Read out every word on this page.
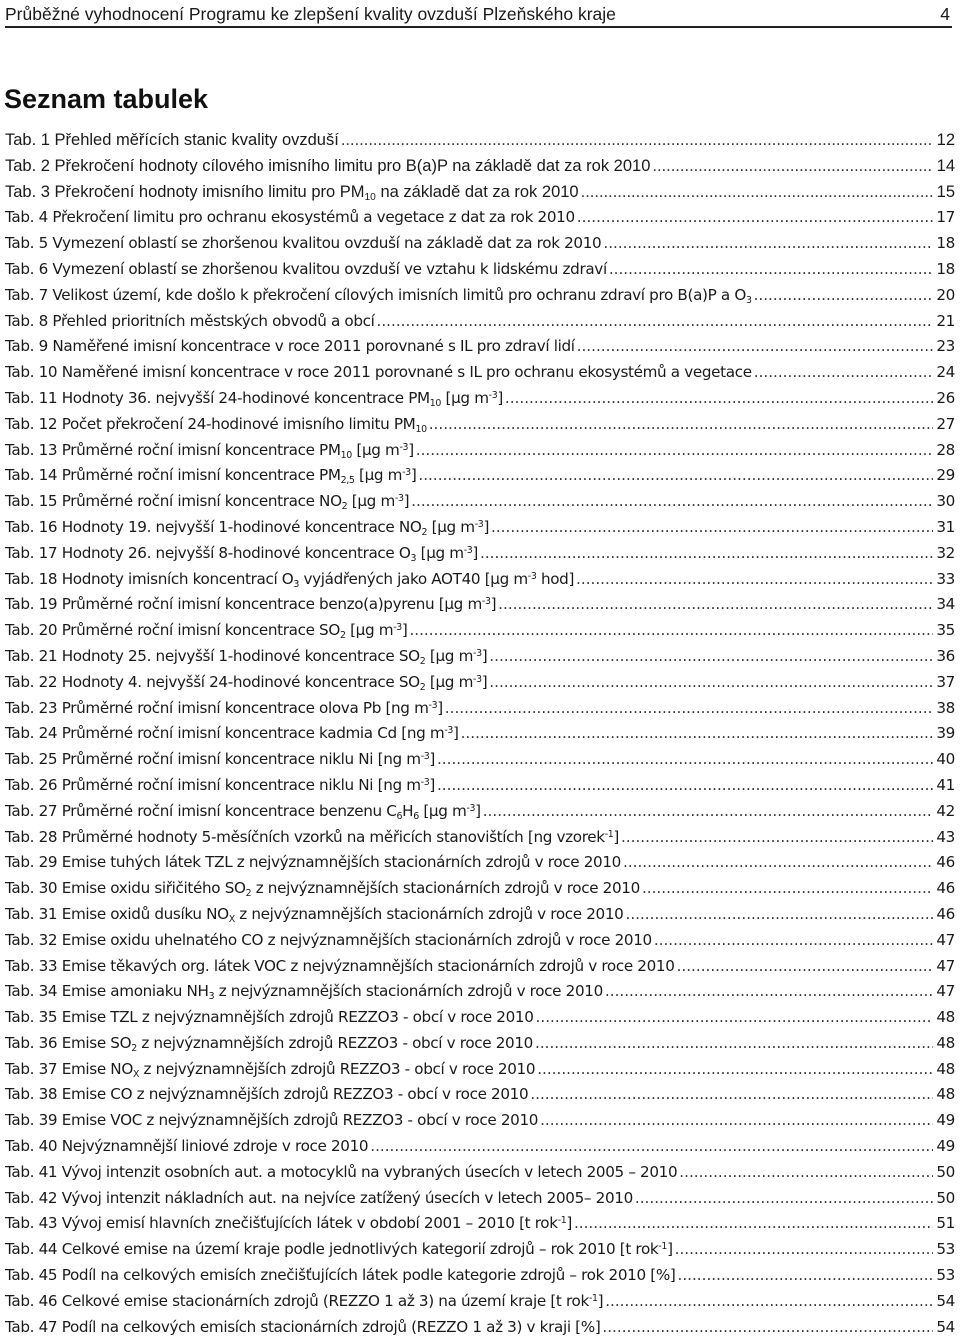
Průběžné vyhodnocení Programu ke zlepšení kvality ovzduší Plzeňského kraje	4
Seznam tabulek
Tab. 1 Přehled měřících stanic kvality ovzduší .....	12
Tab. 2 Překročení hodnoty cílového imisního limitu pro B(a)P na základě dat za rok 2010 .....	14
Tab. 3 Překročení hodnoty imisního limitu pro $PM_{10}$ na základě dat za rok 2010 .....	15
Tab. 4 Překročení limitu pro ochranu ekosystémů a vegetace z dat za rok 2010 .....	17
Tab. 5 Vymezení oblastí se zhoršenou kvalitou ovzduší na základě dat za rok 2010 .....	18
Tab. 6 Vymezení oblastí se zhoršenou kvalitou ovzduší ve vztahu k lidskému zdraví .....	18
Tab. 7 Velikost území, kde došlo k překročení cílových imisních limitů pro ochranu zdraví pro B(a)P a $O_3$ .....	20
Tab. 8 Přehled prioritních městských obvodů a obcí .....	21
Tab. 9 Naměřené imisní koncentrace v roce 2011 porovnané s IL pro zdraví lidí .....	23
Tab. 10 Naměřené imisní koncentrace v roce 2011 porovnané s IL pro ochranu ekosystémů a vegetace .....	24
Tab. 11 Hodnoty 36. nejvyšší 24-hodinové koncentrace $PM_{10}$ [µg $m^{-3}$] .....	26
Tab. 12 Počet překročení 24-hodinové imisního limitu $PM_{10}$ .....	27
Tab. 13 Průměrné roční imisní koncentrace $PM_{10}$ [µg $m^{-3}$] .....	28
Tab. 14 Průměrné roční imisní koncentrace $PM_{2,5}$ [µg $m^{-3}$] .....	29
Tab. 15 Průměrné roční imisní koncentrace $NO_2$ [µg $m^{-3}$] .....	30
Tab. 16 Hodnoty 19. nejvyšší 1-hodinové koncentrace $NO_2$ [µg $m^{-3}$] .....	31
Tab. 17 Hodnoty 26. nejvyšší 8-hodinové koncentrace $O_3$ [µg $m^{-3}$] .....	32
Tab. 18 Hodnoty imisních koncentrací $O_3$ vyjádřených jako AOT40 [µg $m^{-3}$ hod] .....	33
Tab. 19 Průměrné roční imisní koncentrace benzo(a)pyrenu [µg $m^{-3}$] .....	34
Tab. 20 Průměrné roční imisní koncentrace $SO_2$ [µg $m^{-3}$] .....	35
Tab. 21 Hodnoty 25. nejvyšší 1-hodinové koncentrace $SO_2$ [µg $m^{-3}$] .....	36
Tab. 22 Hodnoty 4. nejvyšší 24-hodinové koncentrace $SO_2$ [µg $m^{-3}$] .....	37
Tab. 23 Průměrné roční imisní koncentrace olova Pb [ng $m^{-3}$] .....	38
Tab. 24 Průměrné roční imisní koncentrace kadmia Cd [ng $m^{-3}$] .....	39
Tab. 25 Průměrné roční imisní koncentrace niklu Ni [ng $m^{-3}$] .....	40
Tab. 26 Průměrné roční imisní koncentrace niklu Ni [ng $m^{-3}$] .....	41
Tab. 27 Průměrné roční imisní koncentrace benzenu $C_6H_6$ [µg $m^{-3}$] .....	42
Tab. 28 Průměrné hodnoty 5-měsíčních vzorků na měřicích stanovištích [ng vzorek$^{-1}$] .....	43
Tab. 29 Emise tuhých látek TZL z nejvýznamnějších stacionárních zdrojů v roce 2010 .....	46
Tab. 30 Emise oxidu siřičitého $SO_2$ z nejvýznamnějších stacionárních zdrojů v roce 2010 .....	46
Tab. 31 Emise oxidů dusíku $NO_X$ z nejvýznamnějších stacionárních zdrojů v roce 2010 .....	46
Tab. 32 Emise oxidu uhelnatého CO z nejvýznamnějších stacionárních zdrojů v roce 2010 .....	47
Tab. 33 Emise těkavých org. látek VOC z nejvýznamnějších stacionárních zdrojů v roce 2010 .....	47
Tab. 34 Emise amoniaku $NH_3$ z nejvýznamnějších stacionárních zdrojů v roce 2010 .....	47
Tab. 35 Emise TZL z nejvýznamnějších zdrojů REZZO3 - obcí v roce 2010 .....	48
Tab. 36 Emise $SO_2$ z nejvýznamnějších zdrojů REZZO3 - obcí v roce 2010 .....	48
Tab. 37 Emise $NO_X$ z nejvýznamnějších zdrojů REZZO3 - obcí v roce 2010 .....	48
Tab. 38 Emise CO z nejvýznamnějších zdrojů REZZO3 - obcí v roce 2010 .....	48
Tab. 39 Emise VOC z nejvýznamnějších zdrojů REZZO3 - obcí v roce 2010 .....	49
Tab. 40 Nejvýznamnější liniové zdroje v roce 2010 .....	49
Tab. 41 Vývoj intenzit osobních aut. a motocyklů na vybraných úsecích v letech 2005 – 2010 .....	50
Tab. 42 Vývoj intenzit nákladních aut. na nejvíce zatížený úsecích v letech 2005– 2010 .....	50
Tab. 43 Vývoj emisí hlavních znečišťujících látek v období 2001 – 2010 [t rok$^{-1}$] .....	51
Tab. 44 Celkové emise na území kraje podle jednotlivých kategorií zdrojů – rok 2010 [t rok$^{-1}$] .....	53
Tab. 45 Podíl na celkových emisích znečišťujících látek podle kategorie zdrojů – rok 2010 [%] .....	53
Tab. 46 Celkové emise stacionárních zdrojů (REZZO 1 až 3) na území kraje [t rok$^{-1}$] .....	54
Tab. 47 Podíl na celkových emisích stacionárních zdrojů (REZZO 1 až 3) v kraji [%] .....	54
